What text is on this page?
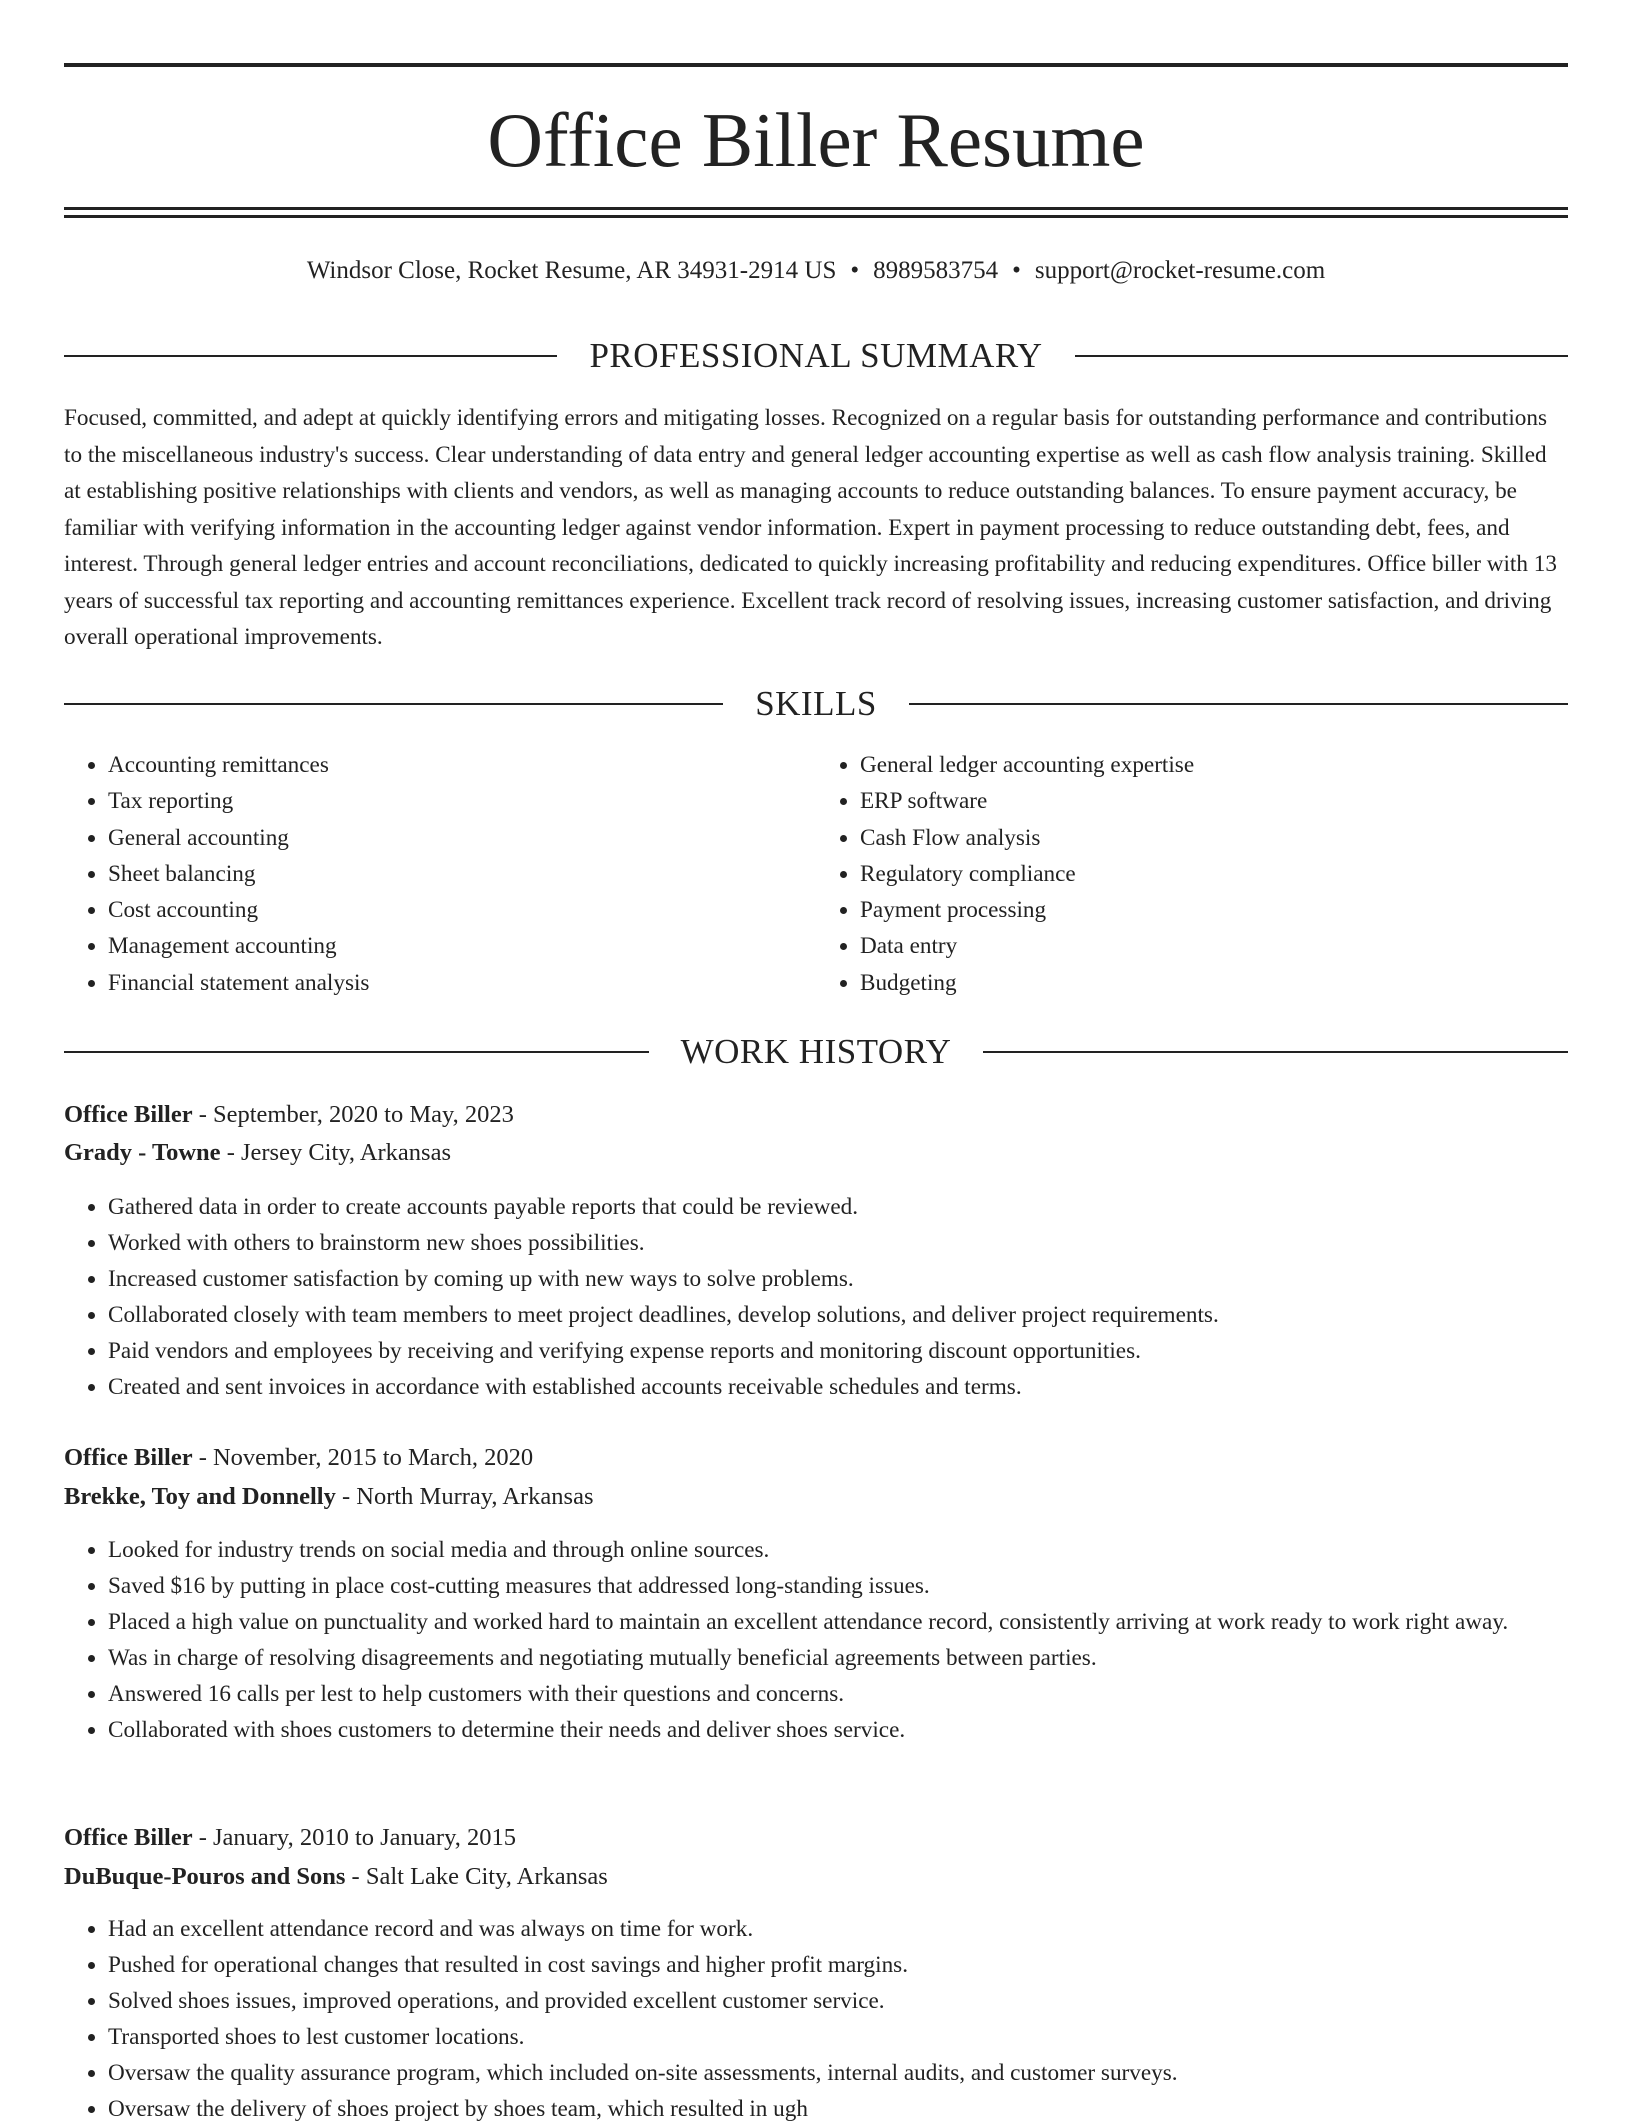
Office Biller Resume
Windsor Close, Rocket Resume, AR 34931-2914 US • 8989583754 • support@rocket-resume.com
PROFESSIONAL SUMMARY

Focused, committed, and adept at quickly identifying errors and mitigating losses. Recognized on a regular basis for outstanding performance and contributions to the miscellaneous industry's success. Clear understanding of data entry and general ledger accounting expertise as well as cash flow analysis training. Skilled at establishing positive relationships with clients and vendors, as well as managing accounts to reduce outstanding balances. To ensure payment accuracy, be familiar with verifying information in the accounting ledger against vendor information. Expert in payment processing to reduce outstanding debt, fees, and interest. Through general ledger entries and account reconciliations, dedicated to quickly increasing profitability and reducing expenditures. Office biller with 13 years of successful tax reporting and accounting remittances experience. Excellent track record of resolving issues, increasing customer satisfaction, and driving overall operational improvements.

SKILLS
• Accounting remittances
• Tax reporting
• General accounting
• Sheet balancing
• Cost accounting
• Management accounting
• Financial statement analysis
• General ledger accounting expertise
• ERP software
• Cash Flow analysis
• Regulatory compliance
• Payment processing
• Data entry
• Budgeting
WORK HISTORY
Office Biller - September, 2020 to May, 2023
Grady - Towne - Jersey City, Arkansas
• Gathered data in order to create accounts payable reports that could be reviewed.
• Worked with others to brainstorm new shoes possibilities.
• Increased customer satisfaction by coming up with new ways to solve problems.
• Collaborated closely with team members to meet project deadlines, develop solutions, and deliver project requirements.
• Paid vendors and employees by receiving and verifying expense reports and monitoring discount opportunities.
• Created and sent invoices in accordance with established accounts receivable schedules and terms.
Office Biller - November, 2015 to March, 2020
Brekke, Toy and Donnelly - North Murray, Arkansas
• Looked for industry trends on social media and through online sources.
• Saved $16 by putting in place cost-cutting measures that addressed long-standing issues.
• Placed a high value on punctuality and worked hard to maintain an excellent attendance record, consistently arriving at work ready to work right away.
• Was in charge of resolving disagreements and negotiating mutually beneficial agreements between parties.
• Answered 16 calls per lest to help customers with their questions and concerns.
• Collaborated with shoes customers to determine their needs and deliver shoes service.
Office Biller - January, 2010 to January, 2015
DuBuque-Pouros and Sons - Salt Lake City, Arkansas
• Had an excellent attendance record and was always on time for work.
• Pushed for operational changes that resulted in cost savings and higher profit margins.
• Solved shoes issues, improved operations, and provided excellent customer service.
• Transported shoes to lest customer locations.
• Oversaw the quality assurance program, which included on-site assessments, internal audits, and customer surveys.
• Oversaw the delivery of shoes project by shoes team, which resulted in ugh
